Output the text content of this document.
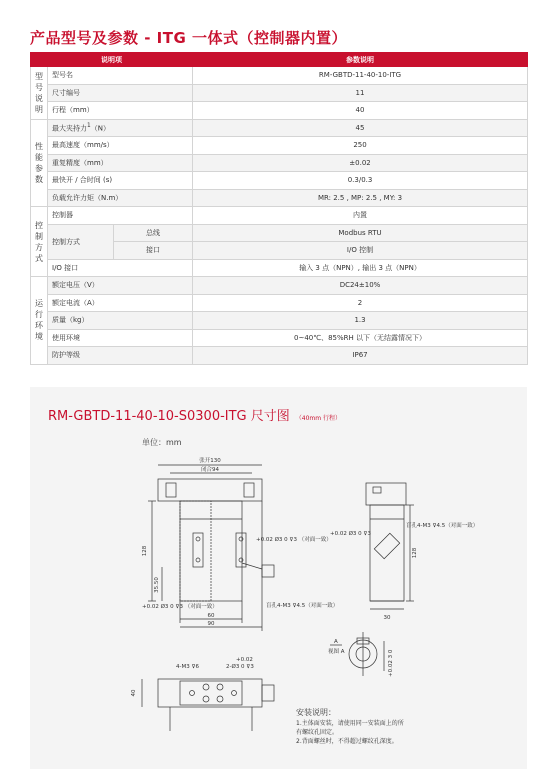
产品型号及参数 - ITG 一体式（控制器内置）
说明项			参数说明
型
号
说
明	型号名		RM-GBTD-11-40-10-ITG
	尺寸编号		11
	行程（mm）		40
性
能
参
数	最大夹持力$^1$（N）		45
	最高速度（mm/s）		250
	重复精度（mm）		±0.02
	最快开 / 合时间 (s)		0.3/0.3
	负载允许力矩（N.m）		MR: 2.5 , MP: 2.5 , MY: 3
控
制
方
式	控制器		内置
	控制方式	总线	Modbus RTU
		接口	I/O 控制
	I/O 接口		输入 3 点（NPN）, 输出 3 点（NPN）
运
行
环
境	额定电压（V）		DC24±10%
	额定电流（A）		2
	质量（kg）		1.3
	使用环境		0~40℃、85%RH 以下（无结露情况下）
	防护等级		IP67
RM-GBTD-11-40-10-S0300-ITG 尺寸图 （40mm 行程）
单位：mm
张开130
闭合94
60
90
128
35.50
30
128
40
+0.02 Ø3 0 ⊽3 （对面一致）
+0.02 Ø3 0 ⊽3 （对面一致）	盲孔4-M3 ⊽4.5（对面一致）
盲孔4-M3 ⊽4.5（对面一致）
+0.02 Ø3 0 ⊽3
4-M3 ⊽6	2-Ø3 0 ⊽3
+0.02
A
视图 A	+0.02 3 0
安装说明：
1.主体面安装，请使用同一安装面上的所
有螺纹孔固定。
2.背面螺丝时，不得超过螺纹孔深度。
